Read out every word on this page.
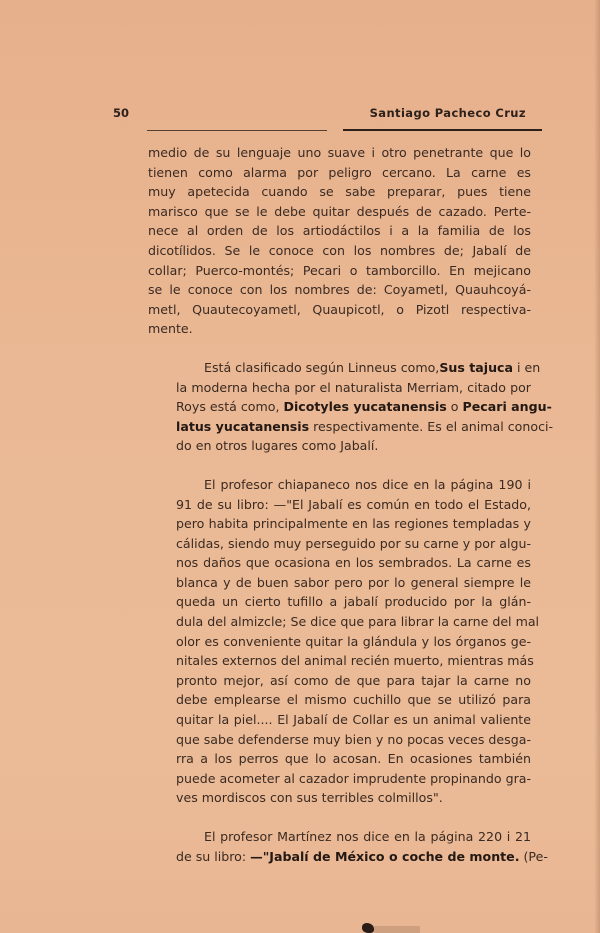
50	Santiago Pacheco Cruz
medio de su lenguaje uno suave i otro penetrante que lo
tienen como alarma por peligro cercano. La carne es
muy apetecida cuando se sabe preparar, pues tiene
marisco que se le debe quitar después de cazado. Perte-
nece al orden de los artiodáctilos i a la familia de los
dicotílidos. Se le conoce con los nombres de; Jabalí de
collar; Puerco-montés; Pecari o tamborcillo. En mejicano
se le conoce con los nombres de: Coyametl, Quauhcoyá-
metl, Quautecoyametl, Quaupicotl, o Pizotl respectiva-
mente.
Está clasificado según Linneus como,Sus tajuca i en
la moderna hecha por el naturalista Merriam, citado por
Roys está como, Dicotyles yucatanensis o Pecari angu-
latus yucatanensis respectivamente. Es el animal conoci-
do en otros lugares como Jabalí.
El profesor chiapaneco nos dice en la página 190 i
91 de su libro: —"El Jabalí es común en todo el Estado,
pero habita principalmente en las regiones templadas y
cálidas, siendo muy perseguido por su carne y por algu-
nos daños que ocasiona en los sembrados. La carne es
blanca y de buen sabor pero por lo general siempre le
queda un cierto tufillo a jabalí producido por la glán-
dula del almizcle; Se dice que para librar la carne del mal
olor es conveniente quitar la glándula y los órganos ge-
nitales externos del animal recién muerto, mientras más
pronto mejor, así como de que para tajar la carne no
debe emplearse el mismo cuchillo que se utilizó para
quitar la piel.... El Jabalí de Collar es un animal valiente
que sabe defenderse muy bien y no pocas veces desga-
rra a los perros que lo acosan. En ocasiones también
puede acometer al cazador imprudente propinando gra-
ves mordiscos con sus terribles colmillos".
El profesor Martínez nos dice en la página 220 i 21
de su libro: —"Jabalí de México o coche de monte. (Pe-
